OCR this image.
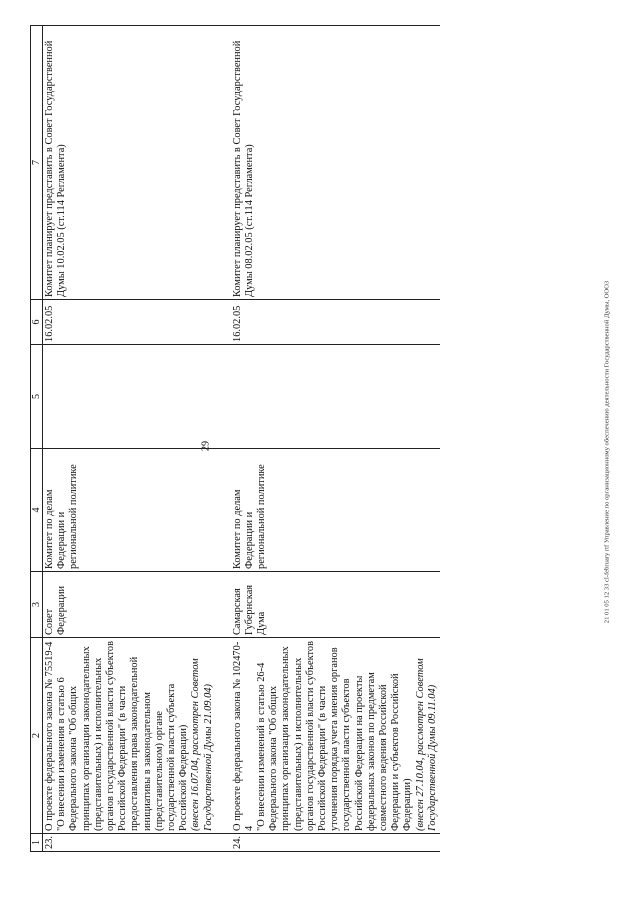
29	21 01 05 12 33 cl-february rtf Управление по организационному обеспечению деятельности Государственной Думы, ООО3
1	2	3	4	5	6	7
23.	О проекте федерального закона № 75519-4 "О внесении изменения в статью 6 Федерального закона "Об общих принципах организации законодательных (представительных) и исполнительных органов государственной власти субъектов Российской Федерации" (в части предоставления права законодательной инициативы в законодательном (представительном) органе государственной власти субъекта Российской Федерации) (внесен 16.07.04, рассмотрен Советом Государственной Думы 21.09.04)	Совет Федерации	Комитет по делам Федерации и региональной политике		16.02.05	Комитет планирует представить в Совет Государственной Думы 10.02.05 (ст.114 Регламента)
24.	О проекте федерального закона № 102470-4 "О внесении изменений в статью 26-4 Федерального закона "Об общих принципах организации законодательных (представительных) и исполнительных органов государственной власти субъектов Российской Федерации" (в части уточнения порядка учета мнения органов государственной власти субъектов Российской Федерации на проекты федеральных законов по предметам совместного ведения Российской Федерации и субъектов Российской Федерации) (внесен 27.10.04, рассмотрен Советом Государственной Думы 09.11.04)	Самарская Губернская Дума	Комитет по делам Федерации и региональной политике		16.02.05	Комитет планирует представить в Совет Государственной Думы 08.02.05 (ст.114 Регламента)
